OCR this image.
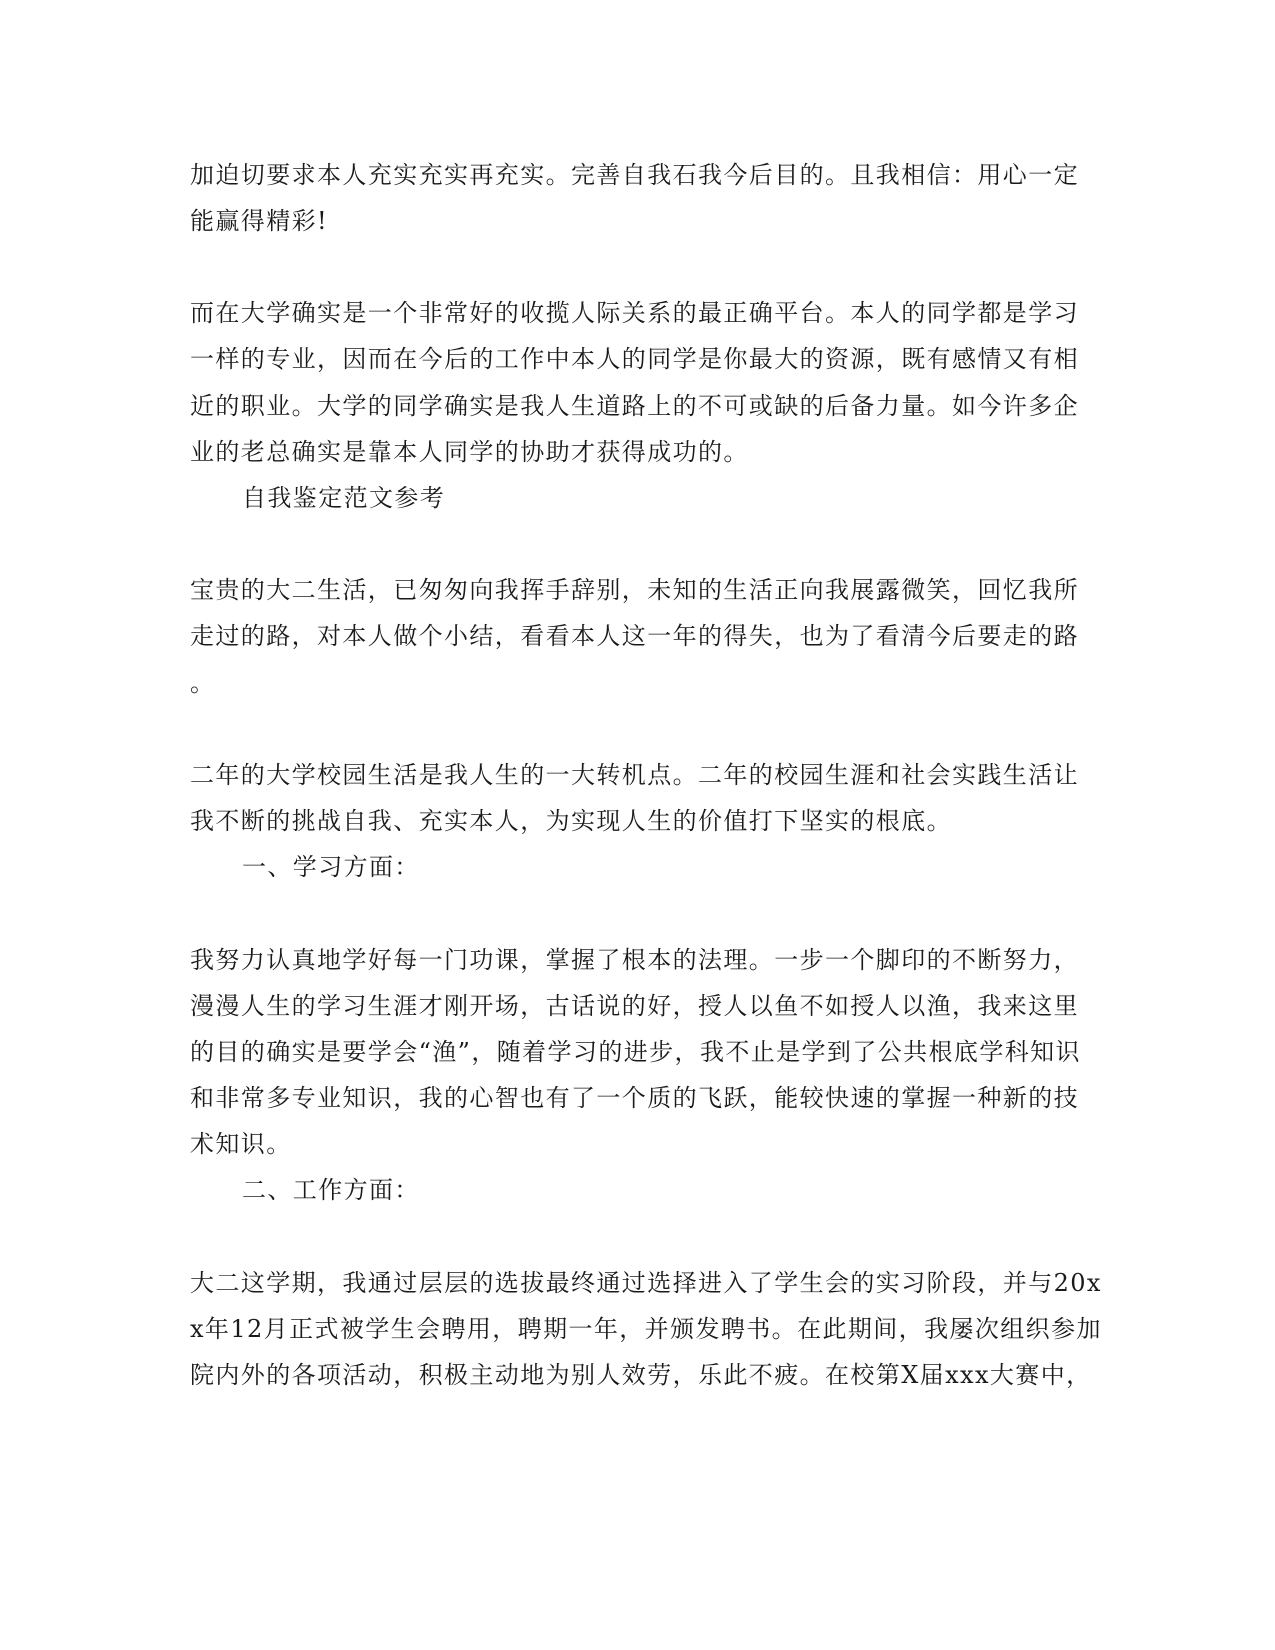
加迫切要求本人充实充实再充实。完善自我石我今后目的。且我相信：用心一定

能赢得精彩!

而在大学确实是一个非常好的收揽人际关系的最正确平台。本人的同学都是学习

一样的专业，因而在今后的工作中本人的同学是你最大的资源，既有感情又有相

近的职业。大学的同学确实是我人生道路上的不可或缺的后备力量。如今许多企

业的老总确实是靠本人同学的协助才获得成功的。

自我鉴定范文参考

宝贵的大二生活，已匆匆向我挥手辞别，未知的生活正向我展露微笑，回忆我所

走过的路，对本人做个小结，看看本人这一年的得失，也为了看清今后要走的路

。

二年的大学校园生活是我人生的一大转机点。二年的校园生涯和社会实践生活让

我不断的挑战自我、充实本人，为实现人生的价值打下坚实的根底。

一、学习方面：

我努力认真地学好每一门功课，掌握了根本的法理。一步一个脚印的不断努力，

漫漫人生的学习生涯才刚开场，古话说的好，授人以鱼不如授人以渔，我来这里

的目的确实是要学会“渔”，随着学习的进步，我不止是学到了公共根底学科知识

和非常多专业知识，我的心智也有了一个质的飞跃，能较快速的掌握一种新的技

术知识。

二、工作方面：

大二这学期，我通过层层的选拔最终通过选择进入了学生会的实习阶段，并与20x

x年12月正式被学生会聘用，聘期一年，并颁发聘书。在此期间，我屡次组织参加

院内外的各项活动，积极主动地为别人效劳，乐此不疲。在校第X届xxx大赛中，
